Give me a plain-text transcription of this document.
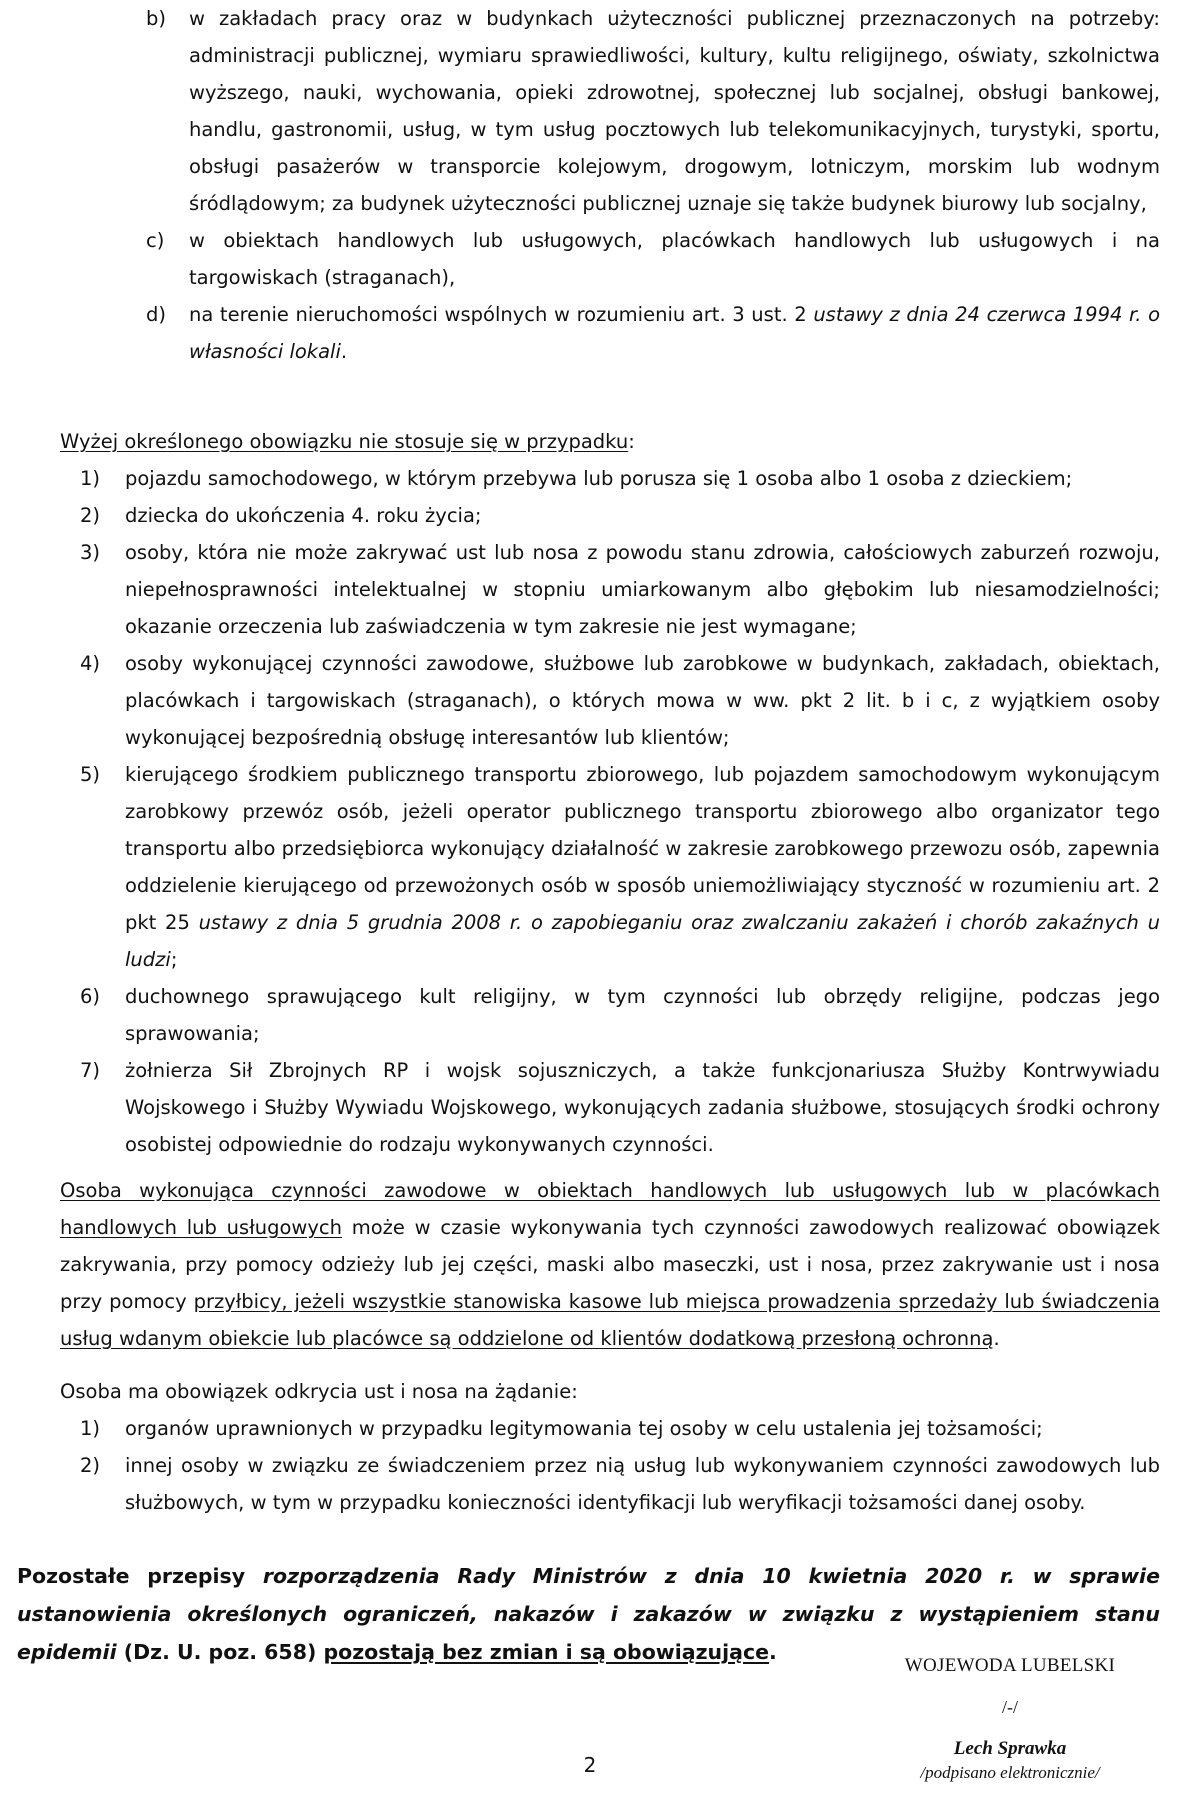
b) w zakładach pracy oraz w budynkach użyteczności publicznej przeznaczonych na potrzeby: administracji publicznej, wymiaru sprawiedliwości, kultury, kultu religijnego, oświaty, szkolnictwa wyższego, nauki, wychowania, opieki zdrowotnej, społecznej lub socjalnej, obsługi bankowej, handlu, gastronomii, usług, w tym usług pocztowych lub telekomunikacyjnych, turystyki, sportu, obsługi pasażerów w transporcie kolejowym, drogowym, lotniczym, morskim lub wodnym śródlądowym; za budynek użyteczności publicznej uznaje się także budynek biurowy lub socjalny,

c) w obiektach handlowych lub usługowych, placówkach handlowych lub usługowych i na targowiskach (straganach),

d) na terenie nieruchomości wspólnych w rozumieniu art. 3 ust. 2 ustawy z dnia 24 czerwca 1994 r. o własności lokali.

Wyżej określonego obowiązku nie stosuje się w przypadku:

1) pojazdu samochodowego, w którym przebywa lub porusza się 1 osoba albo 1 osoba z dzieckiem;

2) dziecka do ukończenia 4. roku życia;

3) osoby, która nie może zakrywać ust lub nosa z powodu stanu zdrowia, całościowych zaburzeń rozwoju, niepełnosprawności intelektualnej w stopniu umiarkowanym albo głębokim lub niesamodzielności; okazanie orzeczenia lub zaświadczenia w tym zakresie nie jest wymagane;

4) osoby wykonującej czynności zawodowe, służbowe lub zarobkowe w budynkach, zakładach, obiektach, placówkach i targowiskach (straganach), o których mowa w ww. pkt 2 lit. b i c, z wyjątkiem osoby wykonującej bezpośrednią obsługę interesantów lub klientów;

5) kierującego środkiem publicznego transportu zbiorowego, lub pojazdem samochodowym wykonującym zarobkowy przewóz osób, jeżeli operator publicznego transportu zbiorowego albo organizator tego transportu albo przedsiębiorca wykonujący działalność w zakresie zarobkowego przewozu osób, zapewnia oddzielenie kierującego od przewożonych osób w sposób uniemożliwiający styczność w rozumieniu art. 2 pkt 25 ustawy z dnia 5 grudnia 2008 r. o zapobieganiu oraz zwalczaniu zakażeń i chorób zakaźnych u ludzi;

6) duchownego sprawującego kult religijny, w tym czynności lub obrzędy religijne, podczas jego sprawowania;

7) żołnierza Sił Zbrojnych RP i wojsk sojuszniczych, a także funkcjonariusza Służby Kontrwywiadu Wojskowego i Służby Wywiadu Wojskowego, wykonujących zadania służbowe, stosujących środki ochrony osobistej odpowiednie do rodzaju wykonywanych czynności.

Osoba wykonująca czynności zawodowe w obiektach handlowych lub usługowych lub w placówkach handlowych lub usługowych może w czasie wykonywania tych czynności zawodowych realizować obowiązek zakrywania, przy pomocy odzieży lub jej części, maski albo maseczki, ust i nosa, przez zakrywanie ust i nosa przy pomocy przyłbicy, jeżeli wszystkie stanowiska kasowe lub miejsca prowadzenia sprzedaży lub świadczenia usług wdanym obiekcie lub placówce są oddzielone od klientów dodatkową przesłoną ochronną.

Osoba ma obowiązek odkrycia ust i nosa na żądanie:

1) organów uprawnionych w przypadku legitymowania tej osoby w celu ustalenia jej tożsamości;

2) innej osoby w związku ze świadczeniem przez nią usług lub wykonywaniem czynności zawodowych lub służbowych, w tym w przypadku konieczności identyfikacji lub weryfikacji tożsamości danej osoby.

Pozostałe przepisy rozporządzenia Rady Ministrów z dnia 10 kwietnia 2020 r. w sprawie ustanowienia określonych ograniczeń, nakazów i zakazów w związku z wystąpieniem stanu epidemii (Dz. U. poz. 658) pozostają bez zmian i są obowiązujące.

WOJEWODA LUBELSKI
/-/
Lech Sprawka
/podpisano elektronicznie/
2
